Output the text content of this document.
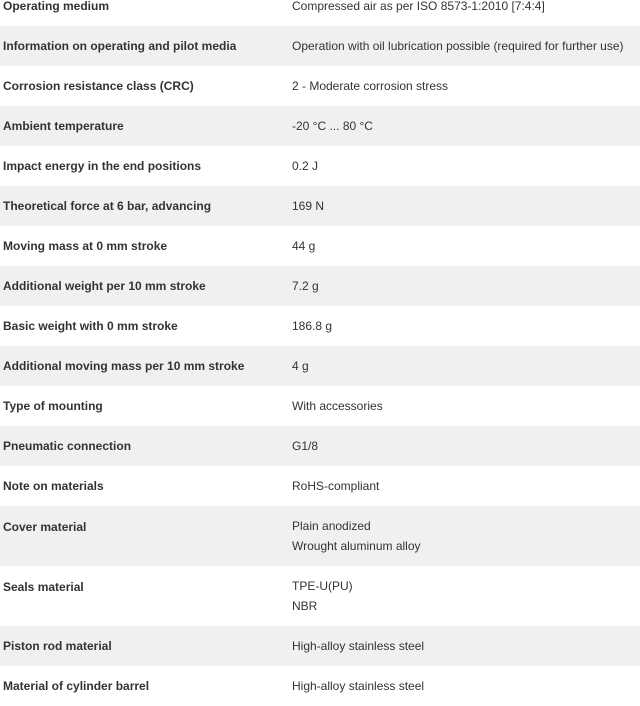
Operating medium	Compressed air as per ISO 8573-1:2010 [7:4:4]
Information on operating and pilot media	Operation with oil lubrication possible (required for further use)
Corrosion resistance class (CRC)	2 - Moderate corrosion stress
Ambient temperature	-20 °C ... 80 °C
Impact energy in the end positions	0.2 J
Theoretical force at 6 bar, advancing	169 N
Moving mass at 0 mm stroke	44 g
Additional weight per 10 mm stroke	7.2 g
Basic weight with 0 mm stroke	186.8 g
Additional moving mass per 10 mm stroke	4 g
Type of mounting	With accessories
Pneumatic connection	G1/8
Note on materials	RoHS-compliant
Cover material	Plain anodized
Wrought aluminum alloy
Seals material	TPE-U(PU)
NBR
Piston rod material	High-alloy stainless steel
Material of cylinder barrel	High-alloy stainless steel
